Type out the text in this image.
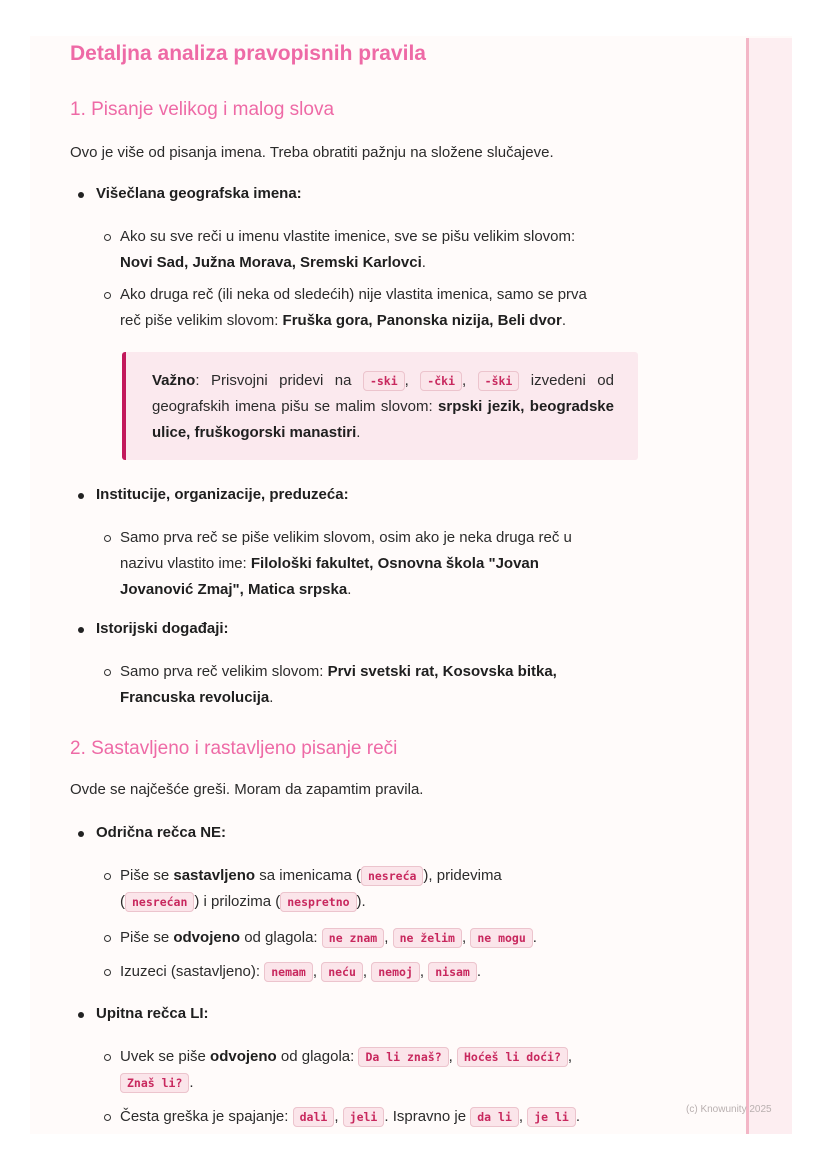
Detaljna analiza pravopisnih pravila
1. Pisanje velikog i malog slova
Ovo je više od pisanja imena. Treba obratiti pažnju na složene slučajeve.
Višečlana geografska imena:
Ako su sve reči u imenu vlastite imenice, sve se pišu velikim slovom:
Novi Sad, Južna Morava, Sremski Karlovci.
Ako druga reč (ili neka od sledećih) nije vlastita imenica, samo se prva
reč piše velikim slovom: Fruška gora, Panonska nizija, Beli dvor.
Važno: Prisvojni pridevi na -ski , -čki , -ški izvedeni od geografskih imena pišu se malim slovom: srpski jezik, beogradske ulice, fruškogorski manastiri.
Institucije, organizacije, preduzeća:
Samo prva reč se piše velikim slovom, osim ako je neka druga reč u nazivu vlastito ime: Filološki fakultet, Osnovna škola "Jovan Jovanović Zmaj", Matica srpska.
Istorijski događaji:
Samo prva reč velikim slovom: Prvi svetski rat, Kosovska bitka, Francuska revolucija.
2. Sastavljeno i rastavljeno pisanje reči
Ovde se najčešće greši. Moram da zapamtim pravila.
Odrična rečca NE:
Piše se sastavljeno sa imenicama ( nesreća ), pridevima
( nesrećan ) i prilozima ( nespretno ).
Piše se odvojeno od glagola: ne znam , ne želim , ne mogu .
Izuzeci (sastavljeno): nemam , neću , nemoj , nisam .
Upitna rečca LI:
Uvek se piše odvojeno od glagola: Da li znaš? , Hoćeš li doći? ,
Znaš li? .
Česta greška je spajanje: dali , jeli . Ispravno je da li , je li .	(c) Knowunity 2025
